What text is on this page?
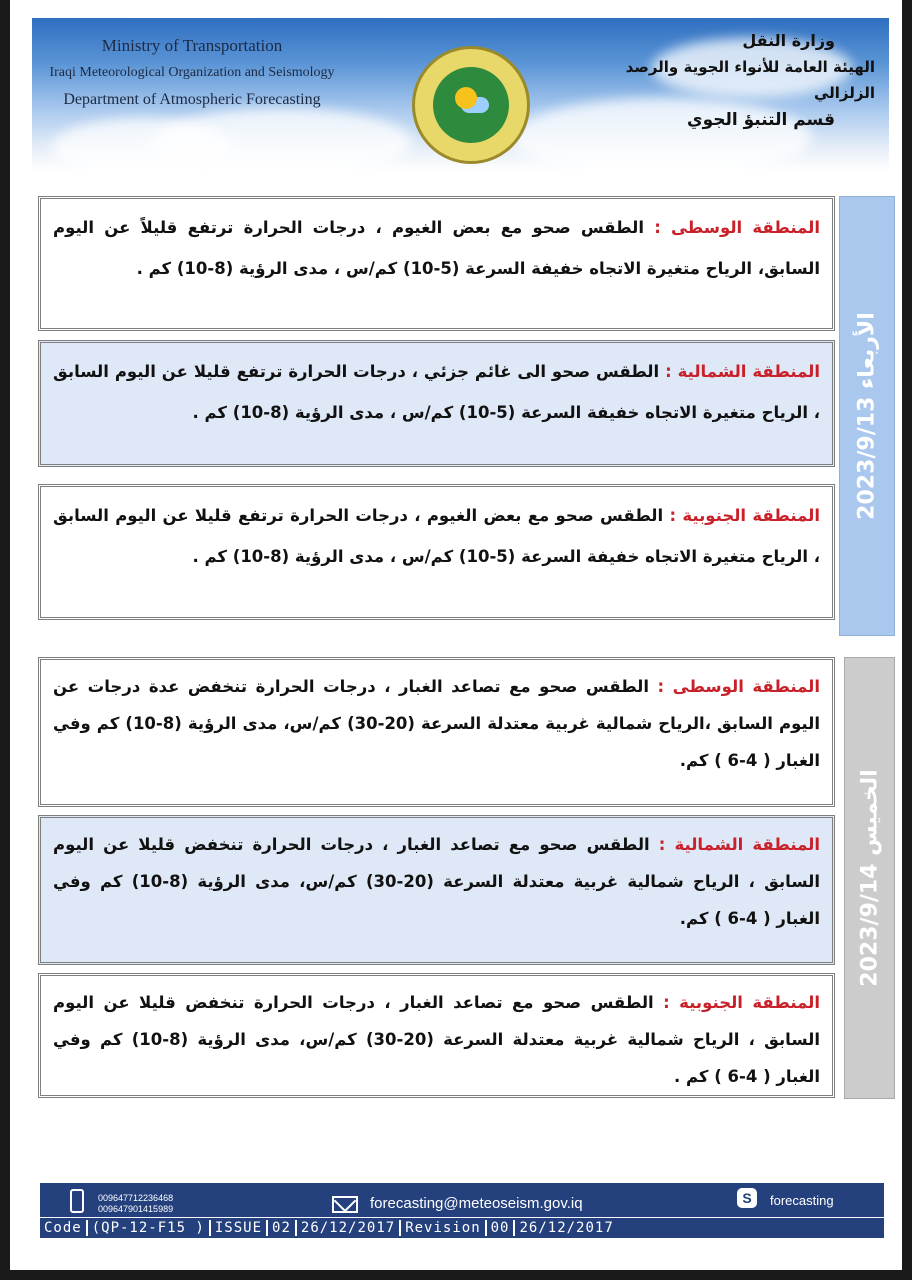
Ministry of Transportation
Iraqi Meteorological Organization and Seismology
Department of Atmospheric Forecasting
وزارة النقل
الهيئة العامة للأنواء الجوية والرصد الزلزالي
قسم التنبؤ الجوي
الأربعاء 2023/9/13
المنطقة الوسطى : الطقس صحو مع بعض الغيوم ، درجات الحرارة ترتفع قليلاً عن اليوم السابق، الرياح متغيرة الاتجاه خفيفة السرعة (5-10) كم/س ، مدى الرؤية (8-10) كم .
المنطقة الشمالية : الطقس صحو الى غائم جزئي ، درجات الحرارة ترتفع قليلا عن اليوم السابق ، الرياح متغيرة الاتجاه خفيفة السرعة (5-10) كم/س ، مدى الرؤية (8-10) كم .
المنطقة الجنوبية : الطقس صحو مع بعض الغيوم ، درجات الحرارة ترتفع قليلا عن اليوم السابق ، الرياح متغيرة الاتجاه خفيفة السرعة (5-10) كم/س ، مدى الرؤية (8-10) كم .
الخميس 2023/9/14
المنطقة الوسطى : الطقس صحو مع تصاعد الغبار ، درجات الحرارة تنخفض عدة درجات عن اليوم السابق ،الرياح شمالية غربية معتدلة السرعة (20-30) كم/س، مدى الرؤية (8-10) كم وفي الغبار ( 4-6 ) كم.
المنطقة الشمالية : الطقس صحو مع تصاعد الغبار ، درجات الحرارة تنخفض قليلا عن اليوم السابق ، الرياح شمالية غربية معتدلة السرعة (20-30) كم/س، مدى الرؤية (8-10) كم وفي الغبار ( 4-6 ) كم.
المنطقة الجنوبية : الطقس صحو مع تصاعد الغبار ، درجات الحرارة تنخفض قليلا عن اليوم السابق ، الرياح شمالية غربية معتدلة السرعة (20-30) كم/س، مدى الرؤية (8-10) كم وفي الغبار ( 4-6 ) كم .
009647712236468
009647901415989	forecasting@meteoseism.gov.iq	S	forecasting
Code (QP-12-F15 ) ISSUE 02 26/12/2017 Revision 00 26/12/2017
